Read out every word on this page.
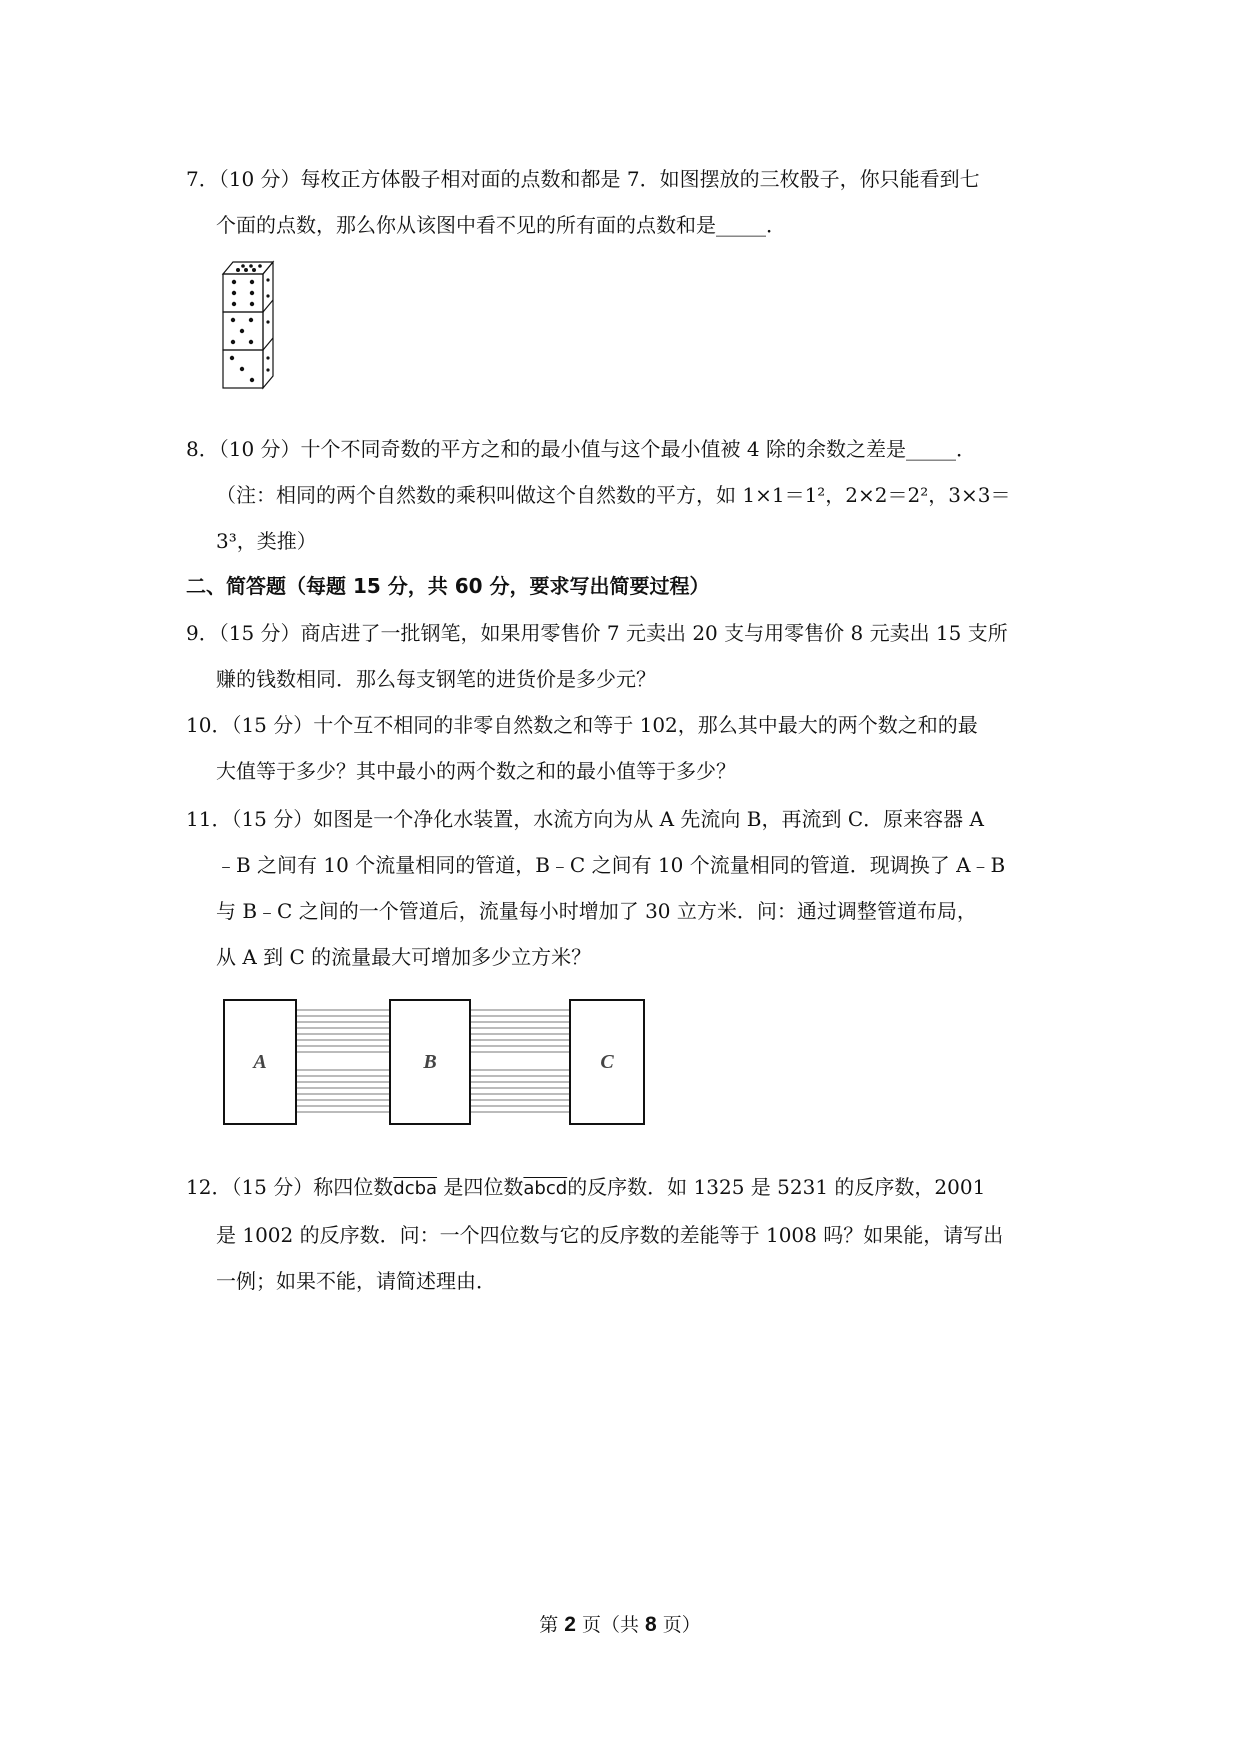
7．（10 分）每枚正方体骰子相对面的点数和都是 7．如图摆放的三枚骰子，你只能看到七
个面的点数，那么你从该图中看不见的所有面的点数和是_____．
8．（10 分）十个不同奇数的平方之和的最小值与这个最小值被 4 除的余数之差是_____．
（注：相同的两个自然数的乘积叫做这个自然数的平方，如 1×1＝1²，2×2＝2²，3×3＝
3³，类推）
二、简答题（每题 15 分，共 60 分，要求写出简要过程）
9．（15 分）商店进了一批钢笔，如果用零售价 7 元卖出 20 支与用零售价 8 元卖出 15 支所
赚的钱数相同．那么每支钢笔的进货价是多少元？
10．（15 分）十个互不相同的非零自然数之和等于 102，那么其中最大的两个数之和的最
大值等于多少？其中最小的两个数之和的最小值等于多少？
11．（15 分）如图是一个净化水装置，水流方向为从 A 先流向 B，再流到 C．原来容器 A
﹣B 之间有 10 个流量相同的管道，B﹣C 之间有 10 个流量相同的管道．现调换了 A﹣B
与 B﹣C 之间的一个管道后，流量每小时增加了 30 立方米．问：通过调整管道布局，
从 A 到 C 的流量最大可增加多少立方米？
A	B	C
12．（15 分）称四位数dcba 是四位数abcd的反序数．如 1325 是 5231 的反序数，2001
是 1002 的反序数．问：一个四位数与它的反序数的差能等于 1008 吗？如果能，请写出
一例；如果不能，请简述理由．
第 2 页（共 8 页）
